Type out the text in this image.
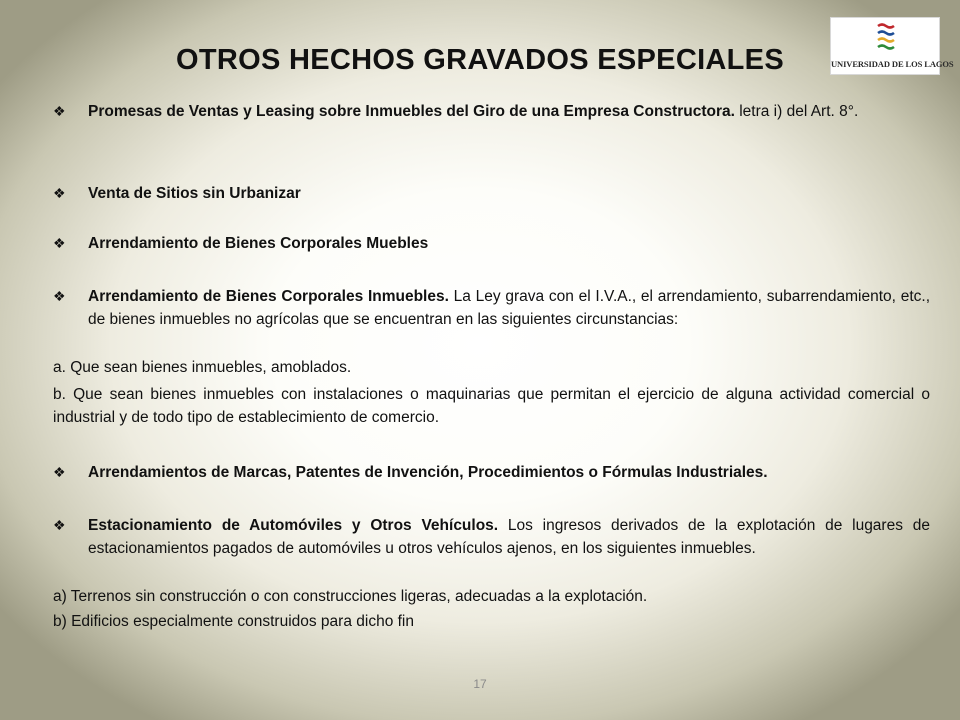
OTROS HECHOS GRAVADOS ESPECIALES	UNIVERSIDAD DE LOS LAGOS
❖ Promesas de Ventas y Leasing sobre Inmuebles del Giro de una Empresa Constructora. letra i) del Art. 8°.
❖ Venta de Sitios sin Urbanizar
❖ Arrendamiento de Bienes Corporales Muebles
❖ Arrendamiento de Bienes Corporales Inmuebles. La Ley grava con el I.V.A., el arrendamiento, subarrendamiento, etc., de bienes inmuebles no agrícolas que se encuentran en las siguientes circunstancias:
a. Que sean bienes inmuebles, amoblados.
b. Que sean bienes inmuebles con instalaciones o maquinarias que permitan el ejercicio de alguna actividad comercial o industrial y de todo tipo de establecimiento de comercio.
❖ Arrendamientos de Marcas, Patentes de Invención, Procedimientos o Fórmulas Industriales.
❖ Estacionamiento de Automóviles y Otros Vehículos. Los ingresos derivados de la explotación de lugares de estacionamientos pagados de automóviles u otros vehículos ajenos, en los siguientes inmuebles.
a) Terrenos sin construcción o con construcciones ligeras, adecuadas a la explotación.
b) Edificios especialmente construidos para dicho fin
17
